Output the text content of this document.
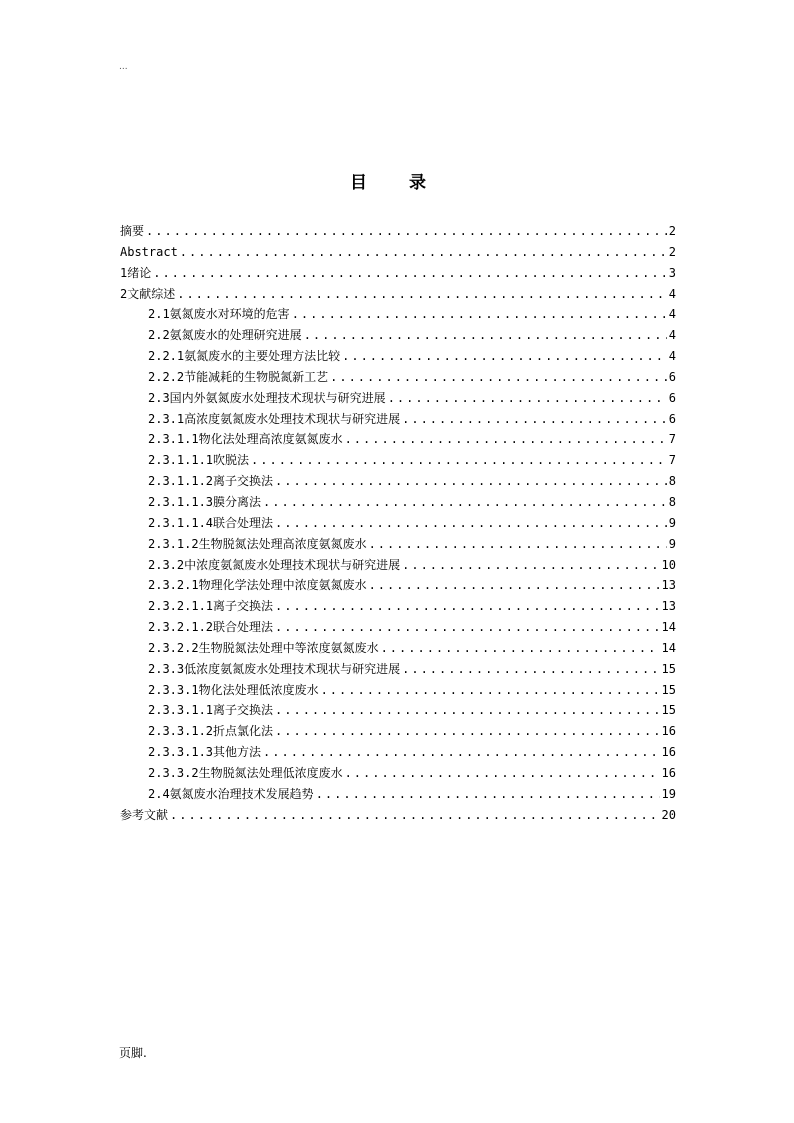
...
目 录
摘要 .....	2
Abstract .....	2
1绪论 .....	3
2文献综述 .....	4
2.1氨氮废水对环境的危害 .....	4
2.2氨氮废水的处理研究进展 .....	4
2.2.1氨氮废水的主要处理方法比较 .....	4
2.2.2节能减耗的生物脱氮新工艺 .....	6
2.3国内外氨氮废水处理技术现状与研究进展 .....	6
2.3.1高浓度氨氮废水处理技术现状与研究进展 .....	6
2.3.1.1物化法处理高浓度氨氮废水 .....	7
2.3.1.1.1吹脱法 .....	7
2.3.1.1.2离子交换法 .....	8
2.3.1.1.3膜分离法 .....	8
2.3.1.1.4联合处理法 .....	9
2.3.1.2生物脱氮法处理高浓度氨氮废水 .....	9
2.3.2中浓度氨氮废水处理技术现状与研究进展 .....	10
2.3.2.1物理化学法处理中浓度氨氮废水 .....	13
2.3.2.1.1离子交换法 .....	13
2.3.2.1.2联合处理法 .....	14
2.3.2.2生物脱氮法处理中等浓度氨氮废水 .....	14
2.3.3低浓度氨氮废水处理技术现状与研究进展 .....	15
2.3.3.1物化法处理低浓度废水 .....	15
2.3.3.1.1离子交换法 .....	15
2.3.3.1.2折点氯化法 .....	16
2.3.3.1.3其他方法 .....	16
2.3.3.2生物脱氮法处理低浓度废水 .....	16
2.4氨氮废水治理技术发展趋势 .....	19
参考文献 .....	20
页脚.
